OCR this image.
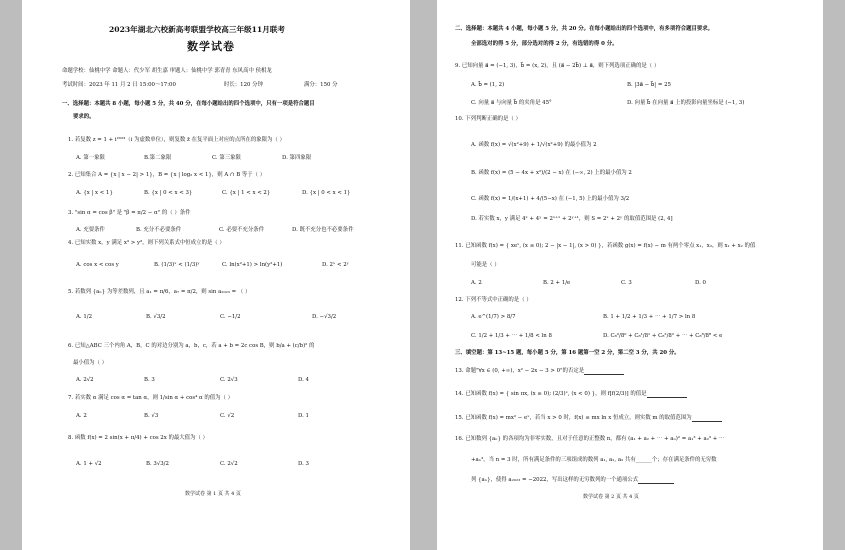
2023年湖北六校新高考联盟学校高三年级11月联考
数学试卷
命题学校：仙桃中学 命题人：代少军 胡生嘉 审题人：仙桃中学 郭青青 东风高中 侯相龙
考试时间：2023 年 11 月 2 日 15:00～17:00	时长：120 分钟	满分：150 分
一、选择题：本题共 8 小题，每小题 5 分，共 40 分，在每小题给出的四个选项中，只有一项是符合题目
要求的。
1. 若复数 z = 1 + i²⁰²³（i 为虚数单位），则复数 z̄ 在复平面上对应的点所在的象限为（ ）
A. 第一象限	B.第二象限	C. 第三象限	D. 第四象限
2. 已知集合 A = {x | x − 2| > 1}，B = {x | log₂ x < 1}，则 A ∩ B 等于（ ）
A. {x | x < 1}	B. {x | 0 < x < 3}	C. {x | 1 < x < 2}	D. {x | 0 < x < 1}
3. "sin α = cos β" 是 "β = π/2 − α" 的（ ）条件
A. 充要条件	B. 充分不必要条件	C. 必要不充分条件	D. 既不充分也不必要条件
4. 已知实数 x，y 满足 x³ > y³，则下列关系式中恒成立的是（ ）
A. cos x < cos y	B. (1/3)ˣ < (1/3)ʸ	C. ln(x²+1) > ln(y²+1)	D. 2ˣ < 2ʸ
5. 若数列 {aₙ} 为等差数列，且 a₁ = π/6，a₇ = π/2，则 sin a₂₀₂₃ = （ ）
A. 1/2	B. √3/2	C. −1/2	D. −√3/2
6. 已知△ABC 三个内角 A，B，C 的对边分别为 a，b，c，若 a + b = 2c cos B，则 b/a + (c/b)² 的
最小值为（ ）
A. 2√2	B. 3	C. 2√3	D. 4
7. 若实数 α 满足 cos α = tan α，则 1/sin α + cos⁴ α 的值为（ ）
A. 2	B. √3	C. √2	D. 1
8. 函数 f(x) = 2 sin(x + π/4) + cos 2x 的最大值为（ ）
A. 1 + √2	B. 3√3/2	C. 2√2	D. 3
数学试卷 第 1 页 共 4 页
二、选择题：本题共 4 小题，每小题 5 分，共 20 分。在每小题给出的四个选项中，有多项符合题目要求。
全部选对的得 5 分，部分选对的得 2 分，有选错的得 0 分。
9. 已知向量 a⃗ = (−1, 3)，b⃗ = (x, 2)，且 (a⃗ − 2b⃗) ⊥ a⃗，则下列选项正确的是（ ）
A. b⃗ = (1, 2)	B. |3a⃗ − b⃗| = 25
C. 向量 a⃗ 与向量 b⃗ 的夹角是 45°	D. 向量 b⃗ 在向量 a⃗ 上的投影向量坐标是 (−1, 3)
10. 下列判断正确的是（ ）
A. 函数 f(x) = √(x²+9) + 1/√(x²+9) 的最小值为 2
B. 函数 f(x) = (5 − 4x + x²)/(2 − x) 在 (−∞, 2) 上的最小值为 2
C. 函数 f(x) = 1/(x+1) + 4/(5−x) 在 (−1, 5) 上的最小值为 3/2
D. 若实数 x，y 满足 4ˣ + 4ʸ = 2ˣ⁺¹ + 2ʸ⁺¹，则 S = 2ˣ + 2ʸ 的取值范围是 (2, 4]
11. 已知函数 f(x) = { xeˣ, (x ≤ 0); 2 − |x − 1|, (x > 0) }，若函数 g(x) = f(x) − m 有两个零点 x₁，x₂，则 x₁ + x₂ 的值
可能是（ ）
A. 2	B. 2 + 1/e	C. 3	D. 0
12. 下列不等式中正确的是（ ）
A. e^(1/7) > 8/7	B. 1 + 1/2 + 1/3 + ⋯ + 1/7 > ln 8
C. 1/2 + 1/3 + ⋯ + 1/8 < ln 8	D. C₈⁰/8⁰ + C₈¹/8¹ + C₈²/8² + ⋯ + C₈⁸/8⁸ < e
三、填空题：第 13~15 题，每小题 5 分，第 16 题第一空 2 分，第二空 3 分，共 20 分。
13. 命题"∀x ∈ (0, +∞)，x² − 2x − 3 > 0"的否定是
14. 已知函数 f(x) = { sin πx, (x ≥ 0); (2/3)ˣ, (x < 0) }，则 f[f(2/3)] 的值是
15. 已知函数 f(x) = mx² − eˣ，若当 x > 0 时，f(x) ≤ mx ln x 恒成立，则实数 m 的取值范围为
16. 已知数列 {aₙ} 的各项均为非零实数，且对于任意的正整数 n，都有 (a₁ + a₂ + ⋯ + aₙ)² = a₁³ + a₂³ + ⋯
+aₙ³。当 n = 3 时，所有满足条件的三项组成的数列 a₁, a₂, a₃ 共有______个；存在满足条件的无穷数
列 {aₙ}，使得 a₂₀₂₃ = −2022，写出这样的无穷数列的一个通项公式
数学试卷 第 2 页 共 4 页
